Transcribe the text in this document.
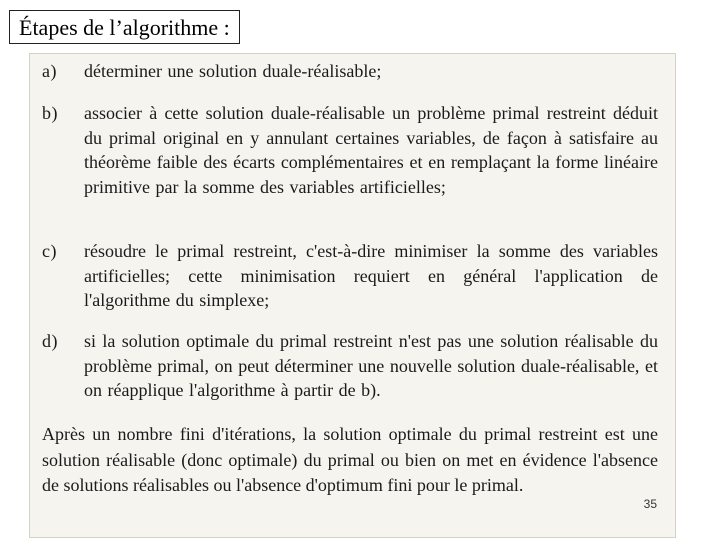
Étapes de l’algorithme :
a) déterminer une solution duale-réalisable;
b) associer à cette solution duale-réalisable un problème primal restreint déduit du primal original en y annulant certaines variables, de façon à satisfaire au théorème faible des écarts complémentaires et en remplaçant la forme linéaire primitive par la somme des variables artificielles;
c) résoudre le primal restreint, c'est-à-dire minimiser la somme des variables artificielles; cette minimisation requiert en général l'application de l'algorithme du simplexe;
d) si la solution optimale du primal restreint n'est pas une solution réalisable du problème primal, on peut déterminer une nouvelle solution duale-réalisable, et on réapplique l'algorithme à partir de b).
Après un nombre fini d'itérations, la solution optimale du primal restreint est une solution réalisable (donc optimale) du primal ou bien on met en évidence l'absence de solutions réalisables ou l'absence d'optimum fini pour le primal.
35
